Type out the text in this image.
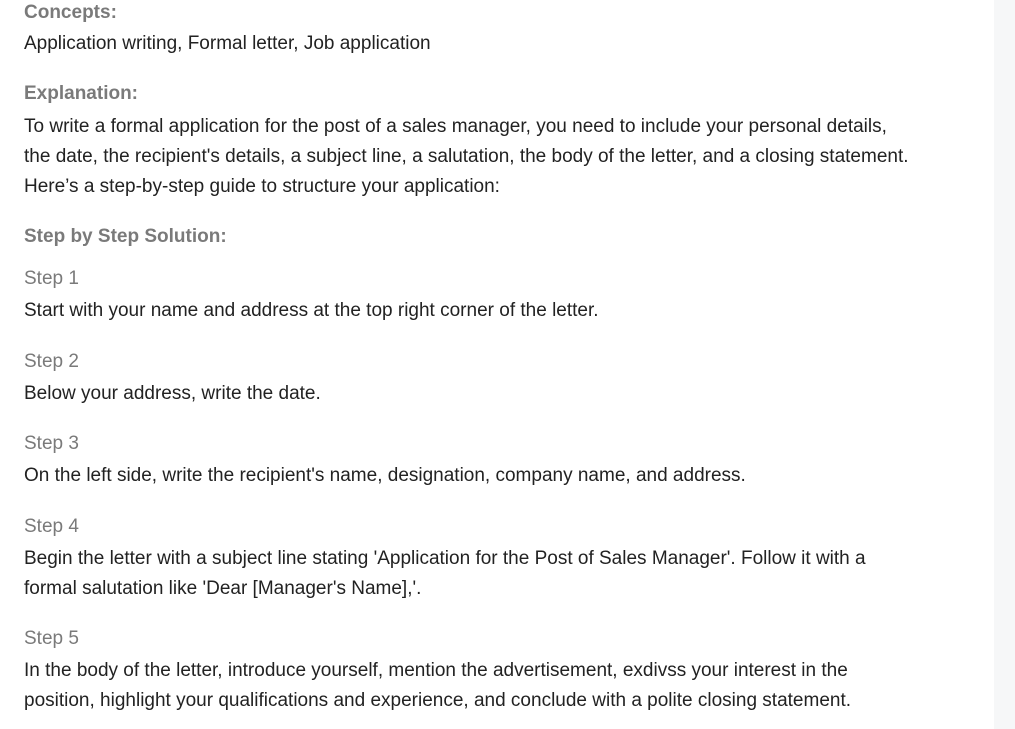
Concepts:

Application writing, Formal letter, Job application

Explanation:

To write a formal application for the post of a sales manager, you need to include your personal details,
the date, the recipient's details, a subject line, a salutation, the body of the letter, and a closing statement.
Here’s a step-by-step guide to structure your application:

Step by Step Solution:
Step 1

Start with your name and address at the top right corner of the letter.

Step 2

Below your address, write the date.

Step 3

On the left side, write the recipient's name, designation, company name, and address.

Step 4

Begin the letter with a subject line stating 'Application for the Post of Sales Manager'. Follow it with a
formal salutation like 'Dear [Manager's Name],'.

Step 5

In the body of the letter, introduce yourself, mention the advertisement, exdivss your interest in the
position, highlight your qualifications and experience, and conclude with a polite closing statement.
